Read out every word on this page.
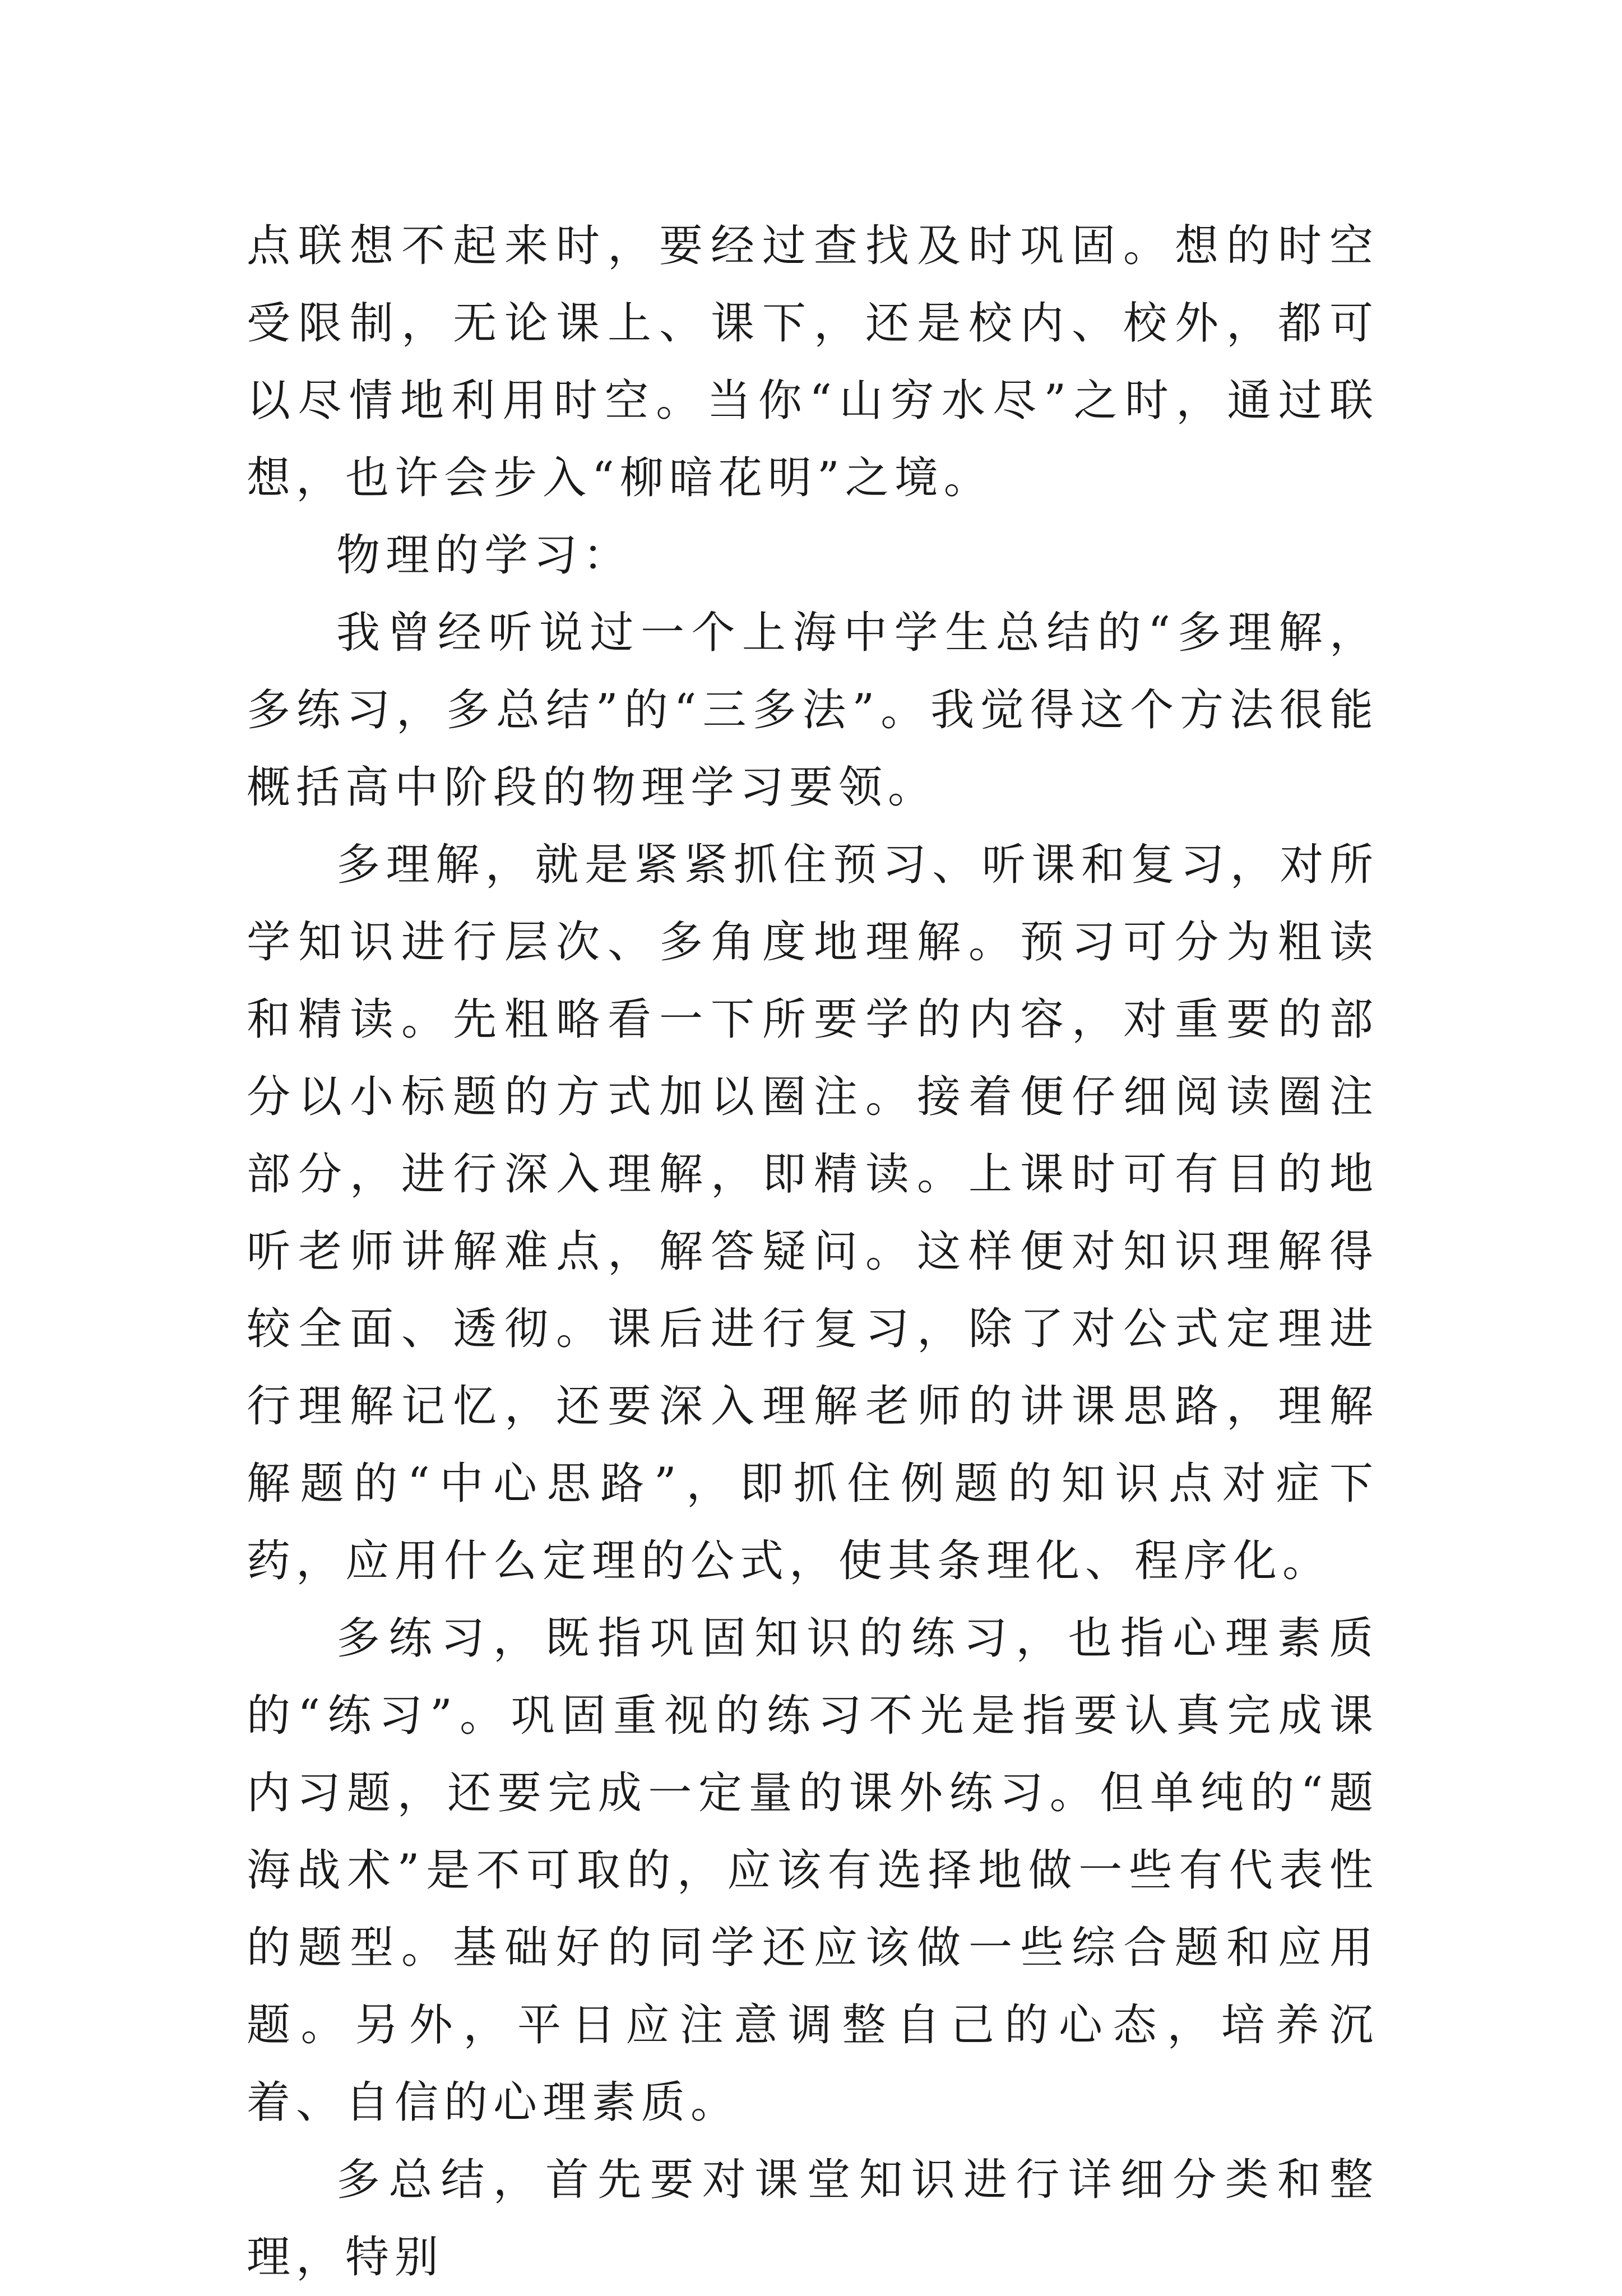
点联想不起来时，要经过查找及时巩固。想的时空受限制，无论课上、课下，还是校内、校外，都可以尽情地利用时空。当你“山穷水尽”之时，通过联想，也许会步入“柳暗花明”之境。

物理的学习：

我曾经听说过一个上海中学生总结的“多理解，多练习，多总结”的“三多法”。我觉得这个方法很能概括高中阶段的物理学习要领。

多理解，就是紧紧抓住预习、听课和复习，对所学知识进行层次、多角度地理解。预习可分为粗读和精读。先粗略看一下所要学的内容，对重要的部分以小标题的方式加以圈注。接着便仔细阅读圈注部分，进行深入理解，即精读。上课时可有目的地听老师讲解难点，解答疑问。这样便对知识理解得较全面、透彻。课后进行复习，除了对公式定理进行理解记忆，还要深入理解老师的讲课思路，理解解题的“中心思路”，即抓住例题的知识点对症下药，应用什么定理的公式，使其条理化、程序化。

多练习，既指巩固知识的练习，也指心理素质的“练习”。巩固重视的练习不光是指要认真完成课内习题，还要完成一定量的课外练习。但单纯的“题海战术”是不可取的，应该有选择地做一些有代表性的题型。基础好的同学还应该做一些综合题和应用题。另外，平日应注意调整自己的心态，培养沉着、自信的心理素质。

多总结，首先要对课堂知识进行详细分类和整理，特别
